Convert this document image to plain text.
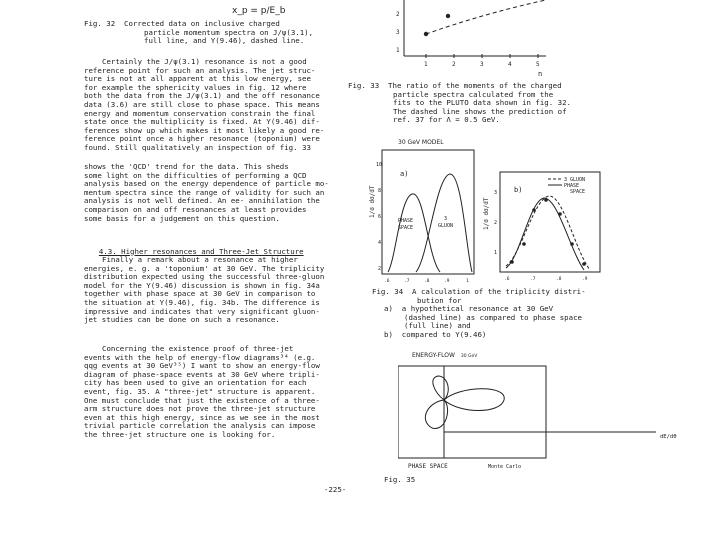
x_p = p/E_b
Fig. 32  Corrected data on inclusive charged
particle momentum spectra on J/ψ(3.1),
full line, and Υ(9.46), dashed line.
Certainly the J/ψ(3.1) resonance is not a good
reference point for such an analysis. The jet struc-
ture is not at all apparent at this low energy, see
for example the sphericity values in fig. 12 where
both the data from the J/ψ(3.1) and the off resonance
data (3.6) are still close to phase space. This means
energy and momentum conservation constrain the final
state once the multiplicity is fixed. At Υ(9.46) dif-
ferences show up which makes it most likely a good re-
ference point once a higher resonance (toponium) were
found. Still qualitatively an inspection of fig. 33
shows the 'QCD' trend for the data. This sheds
some light on the difficulties of performing a QCD
analysis based on the energy dependence of particle mo-
mentum spectra since the range of validity for such an
analysis is not well defined. An ee- annihilation the
comparison on and off resonances at least provides
some basis for a judgement on this question.

4.3. Higher resonances and Three-Jet Structure

Finally a remark about a resonance at higher
energies, e. g. a 'toponium' at 30 GeV. The triplicity
distribution expected using the successful three-gluon
model for the Υ(9.46) discussion is shown in fig. 34a
together with phase space at 30 GeV in comparison to
the situation at Υ(9.46), fig. 34b. The difference is
impressive and indicates that very significant gluon-
jet studies can be done on such a resonance.
Concerning the existence proof of three-jet
events with the help of energy-flow diagrams³⁴ (e.g.
qqg events at 30 GeV³⁵) I want to show an energy-flow
diagram of phase-space events at 30 GeV where tripli-
city has been used to give an orientation for each
event, fig. 35. A "three-jet" structure is apparent.
One must conclude that just the existence of a three-
arm structure does not prove the three-jet structure
even at this high energy, since as we see in the most
trivial particle correlation the analysis can impose
the three-jet structure one is looking for.
-225-
2
3
1
1	2	3	4	5
n
Fig. 33  The ratio of the moments of the charged
particle spectra calculated from the
fits to the PLUTO data shown in fig. 32.
The dashed line shows the prediction of
ref. 37 for Λ = 0.5 GeV.
30 GeV MODEL
1/σ dσ/dT
10
8
6
4
2
a)
PHASE
SPACE
3
GLUON
.6	.7	.8	.9	1
1/σ dσ/dT
3
2
1
b)
3 GLUON
PHASE
SPACE
.6	.7	.8	.9
Fig. 34  A calculation of the triplicity distri-
bution for
a)  a hypothetical resonance at 30 GeV
(dashed line) as compared to phase space
(full line) and
b)  compared to Υ(9.46)
ENERGY-FLOW 30 GeV
dE/dθ
PHASE SPACE	Monte Carlo
Fig. 35
